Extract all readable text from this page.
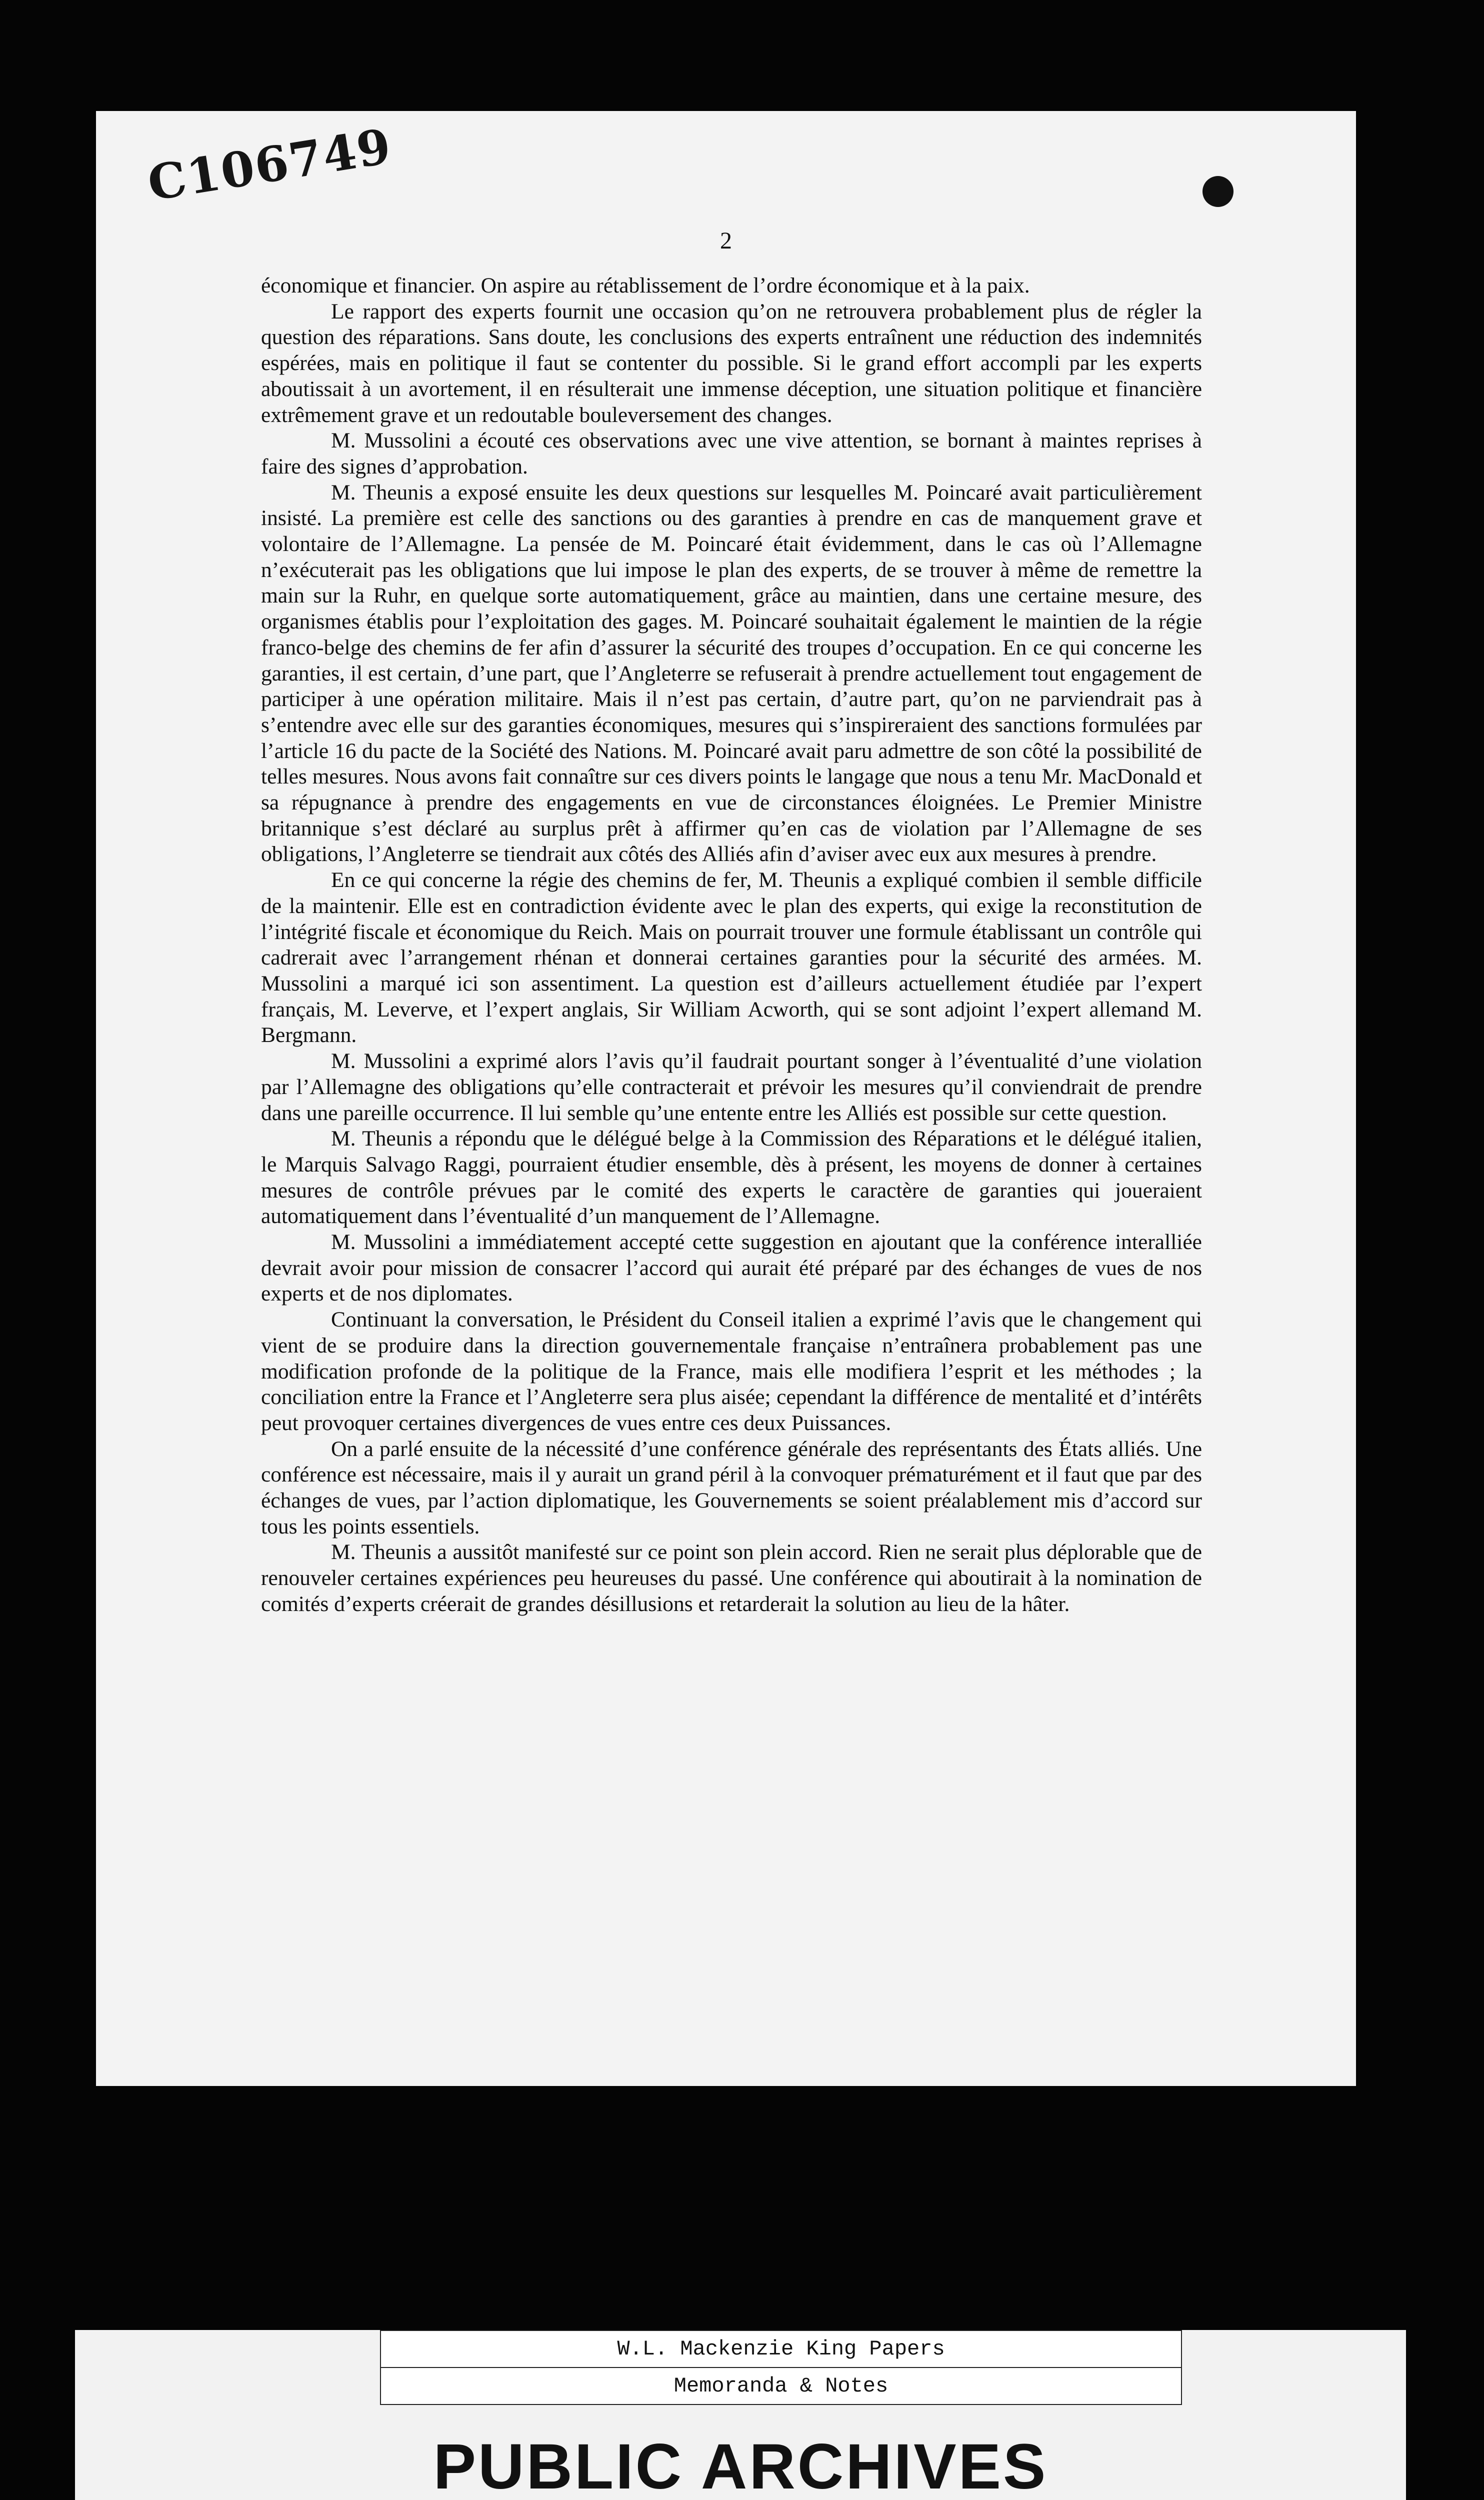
C106749
2

économique et financier. On aspire au rétablissement de l’ordre économique et à la paix.

Le rapport des experts fournit une occasion qu’on ne retrouvera probablement plus de régler la question des réparations. Sans doute, les conclusions des experts entraînent une réduction des indemnités espérées, mais en politique il faut se contenter du possible. Si le grand effort accompli par les experts aboutissait à un avortement, il en résulterait une immense déception, une situation politique et financière extrêmement grave et un redoutable bouleversement des changes.

M. Mussolini a écouté ces observations avec une vive attention, se bornant à maintes reprises à faire des signes d’approbation.

M. Theunis a exposé ensuite les deux questions sur lesquelles M. Poincaré avait particulièrement insisté. La première est celle des sanctions ou des garanties à prendre en cas de manquement grave et volontaire de l’Allemagne. La pensée de M. Poincaré était évidemment, dans le cas où l’Allemagne n’exécuterait pas les obligations que lui impose le plan des experts, de se trouver à même de remettre la main sur la Ruhr, en quelque sorte automatiquement, grâce au maintien, dans une certaine mesure, des organismes établis pour l’exploitation des gages. M. Poincaré souhaitait également le maintien de la régie franco-belge des chemins de fer afin d’assurer la sécurité des troupes d’occupation. En ce qui concerne les garanties, il est certain, d’une part, que l’Angleterre se refuserait à prendre actuellement tout engagement de participer à une opération militaire. Mais il n’est pas certain, d’autre part, qu’on ne parviendrait pas à s’entendre avec elle sur des garanties économiques, mesures qui s’inspireraient des sanctions formulées par l’article 16 du pacte de la Société des Nations. M. Poincaré avait paru admettre de son côté la possibilité de telles mesures. Nous avons fait connaître sur ces divers points le langage que nous a tenu Mr. MacDonald et sa répugnance à prendre des engagements en vue de circonstances éloignées. Le Premier Ministre britannique s’est déclaré au surplus prêt à affirmer qu’en cas de violation par l’Allemagne de ses obligations, l’Angleterre se tiendrait aux côtés des Alliés afin d’aviser avec eux aux mesures à prendre.

En ce qui concerne la régie des chemins de fer, M. Theunis a expliqué combien il semble difficile de la maintenir. Elle est en contradiction évidente avec le plan des experts, qui exige la reconstitution de l’intégrité fiscale et économique du Reich. Mais on pourrait trouver une formule établissant un contrôle qui cadrerait avec l’arrangement rhénan et donnerai certaines garanties pour la sécurité des armées. M. Mussolini a marqué ici son assentiment. La question est d’ailleurs actuellement étudiée par l’expert français, M. Leverve, et l’expert anglais, Sir William Acworth, qui se sont adjoint l’expert allemand M. Bergmann.

M. Mussolini a exprimé alors l’avis qu’il faudrait pourtant songer à l’éventualité d’une violation par l’Allemagne des obligations qu’elle contracterait et prévoir les mesures qu’il conviendrait de prendre dans une pareille occurrence. Il lui semble qu’une entente entre les Alliés est possible sur cette question.

M. Theunis a répondu que le délégué belge à la Commission des Réparations et le délégué italien, le Marquis Salvago Raggi, pourraient étudier ensemble, dès à présent, les moyens de donner à certaines mesures de contrôle prévues par le comité des experts le caractère de garanties qui joueraient automatiquement dans l’éventualité d’un manquement de l’Allemagne.

M. Mussolini a immédiatement accepté cette suggestion en ajoutant que la conférence interalliée devrait avoir pour mission de consacrer l’accord qui aurait été préparé par des échanges de vues de nos experts et de nos diplomates.

Continuant la conversation, le Président du Conseil italien a exprimé l’avis que le changement qui vient de se produire dans la direction gouvernementale française n’entraînera probablement pas une modification profonde de la politique de la France, mais elle modifiera l’esprit et les méthodes ; la conciliation entre la France et l’Angleterre sera plus aisée; cependant la différence de mentalité et d’intérêts peut provoquer certaines divergences de vues entre ces deux Puissances.

On a parlé ensuite de la nécessité d’une conférence générale des représentants des États alliés. Une conférence est nécessaire, mais il y aurait un grand péril à la convoquer prématurément et il faut que par des échanges de vues, par l’action diplomatique, les Gouvernements se soient préalablement mis d’accord sur tous les points essentiels.

M. Theunis a aussitôt manifesté sur ce point son plein accord. Rien ne serait plus déplorable que de renouveler certaines expériences peu heureuses du passé. Une conférence qui aboutirait à la nomination de comités d’experts créerait de grandes désillusions et retarderait la solution au lieu de la hâter.

W.L. Mackenzie King Papers
Memoranda & Notes
PUBLIC ARCHIVES
